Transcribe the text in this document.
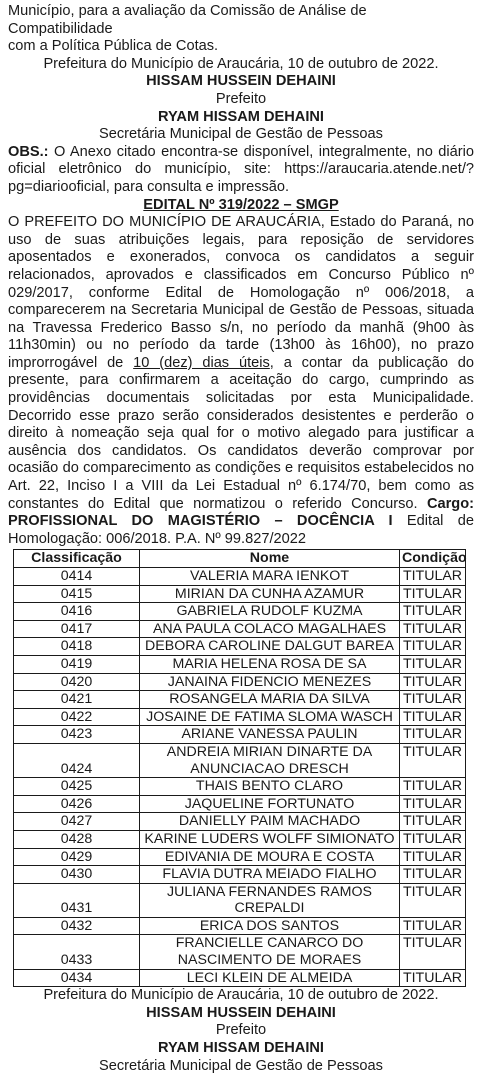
Município, para a avaliação da Comissão de Análise de Compatibilidade

com a Política Pública de Cotas.

Prefeitura do Município de Araucária, 10 de outubro de 2022.

HISSAM HUSSEIN DEHAINI

Prefeito

RYAM HISSAM DEHAINI

Secretária Municipal de Gestão de Pessoas

OBS.: O Anexo citado encontra-se disponível, integralmente, no diário oficial eletrônico do município, site: https://araucaria.atende.net/?pg=diariooficial, para consulta e impressão.

EDITAL Nº 319/2022 – SMGP

O PREFEITO DO MUNICÍPIO DE ARAUCÁRIA, Estado do Paraná, no uso de suas atribuições legais, para reposição de servidores aposentados e exonerados, convoca os candidatos a seguir relacionados, aprovados e classificados em Concurso Público nº 029/2017, conforme Edital de Homologação nº 006/2018, a comparecerem na Secretaria Municipal de Gestão de Pessoas, situada na Travessa Frederico Basso s/n, no período da manhã (9h00 às 11h30min) ou no período da tarde (13h00 às 16h00), no prazo improrrogável de 10 (dez) dias úteis, a contar da publicação do presente, para confirmarem a aceitação do cargo, cumprindo as providências documentais solicitadas por esta Municipalidade. Decorrido esse prazo serão considerados desistentes e perderão o direito à nomeação seja qual for o motivo alegado para justificar a ausência dos candidatos. Os candidatos deverão comprovar por ocasião do comparecimento as condições e requisitos estabelecidos no Art. 22, Inciso I a VIII da Lei Estadual nº 6.174/70, bem como as constantes do Edital que normatizou o referido Concurso. Cargo: PROFISSIONAL DO MAGISTÉRIO – DOCÊNCIA I Edital de Homologação: 006/2018. P.A. Nº 99.827/2022

Classificação	Nome	Condição
0414	VALERIA MARA IENKOT	TITULAR
0415	MIRIAN DA CUNHA AZAMUR	TITULAR
0416	GABRIELA RUDOLF KUZMA	TITULAR
0417	ANA PAULA COLACO MAGALHAES	TITULAR
0418	DEBORA CAROLINE DALGUT BAREA	TITULAR
0419	MARIA HELENA ROSA DE SA	TITULAR
0420	JANAINA FIDENCIO MENEZES	TITULAR
0421	ROSANGELA MARIA DA SILVA	TITULAR
0422	JOSAINE DE FATIMA SLOMA WASCH	TITULAR
0423	ARIANE VANESSA PAULIN	TITULAR
0424	ANDREIA MIRIAN DINARTE DA
ANUNCIACAO DRESCH	TITULAR
0425	THAIS BENTO CLARO	TITULAR
0426	JAQUELINE FORTUNATO	TITULAR
0427	DANIELLY PAIM MACHADO	TITULAR
0428	KARINE LUDERS WOLFF SIMIONATO	TITULAR
0429	EDIVANIA DE MOURA E COSTA	TITULAR
0430	FLAVIA DUTRA MEIADO FIALHO	TITULAR
0431	JULIANA FERNANDES RAMOS CREPALDI	TITULAR
0432	ERICA DOS SANTOS	TITULAR
0433	FRANCIELLE CANARCO DO
NASCIMENTO DE MORAES	TITULAR
0434	LECI KLEIN DE ALMEIDA	TITULAR

Prefeitura do Município de Araucária, 10 de outubro de 2022.

HISSAM HUSSEIN DEHAINI

Prefeito

RYAM HISSAM DEHAINI

Secretária Municipal de Gestão de Pessoas
